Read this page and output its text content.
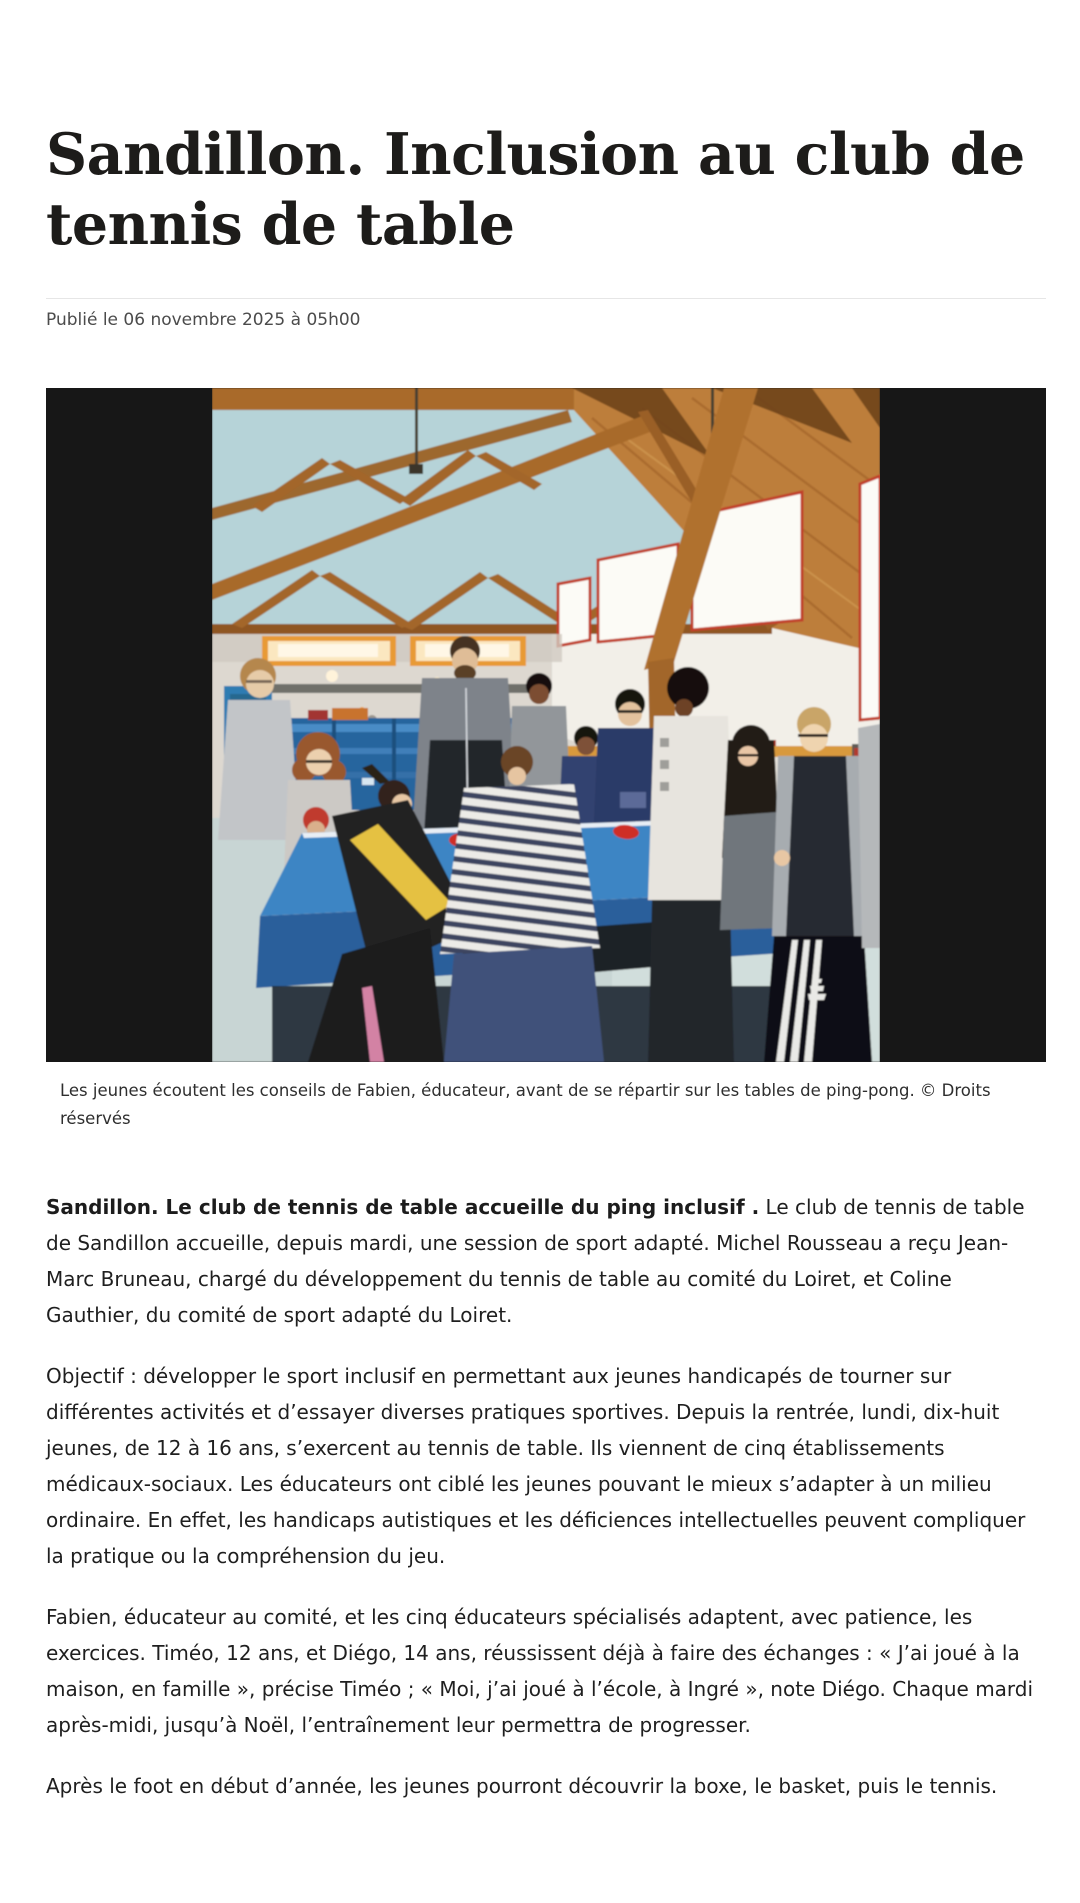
Sandillon. Inclusion au club de
tennis de table

Publié le 06 novembre 2025 à 05h00

Les jeunes écoutent les conseils de Fabien, éducateur, avant de se répartir sur les tables de ping-pong. © Droits réservés

Sandillon. Le club de tennis de table accueille du ping inclusif . Le club de tennis de table de Sandillon accueille, depuis mardi, une session de sport adapté. Michel Rousseau a reçu Jean-Marc Bruneau, chargé du développement du tennis de table au comité du Loiret, et Coline Gauthier, du comité de sport adapté du Loiret.

Objectif : développer le sport inclusif en permettant aux jeunes handicapés de tourner sur différentes activités et d’essayer diverses pratiques sportives. Depuis la rentrée, lundi, dix-huit jeunes, de 12 à 16 ans, s’exercent au tennis de table. Ils viennent de cinq établissements médicaux-sociaux. Les éducateurs ont ciblé les jeunes pouvant le mieux s’adapter à un milieu ordinaire. En effet, les handicaps autistiques et les déficiences intellectuelles peuvent compliquer la pratique ou la compréhension du jeu.

Fabien, éducateur au comité, et les cinq éducateurs spécialisés adaptent, avec patience, les exercices. Timéo, 12 ans, et Diégo, 14 ans, réussissent déjà à faire des échanges : « J’ai joué à la maison, en famille », précise Timéo ; « Moi, j’ai joué à l’école, à Ingré », note Diégo. Chaque mardi après-midi, jusqu’à Noël, l’entraînement leur permettra de progresser.

Après le foot en début d’année, les jeunes pourront découvrir la boxe, le basket, puis le tennis.
